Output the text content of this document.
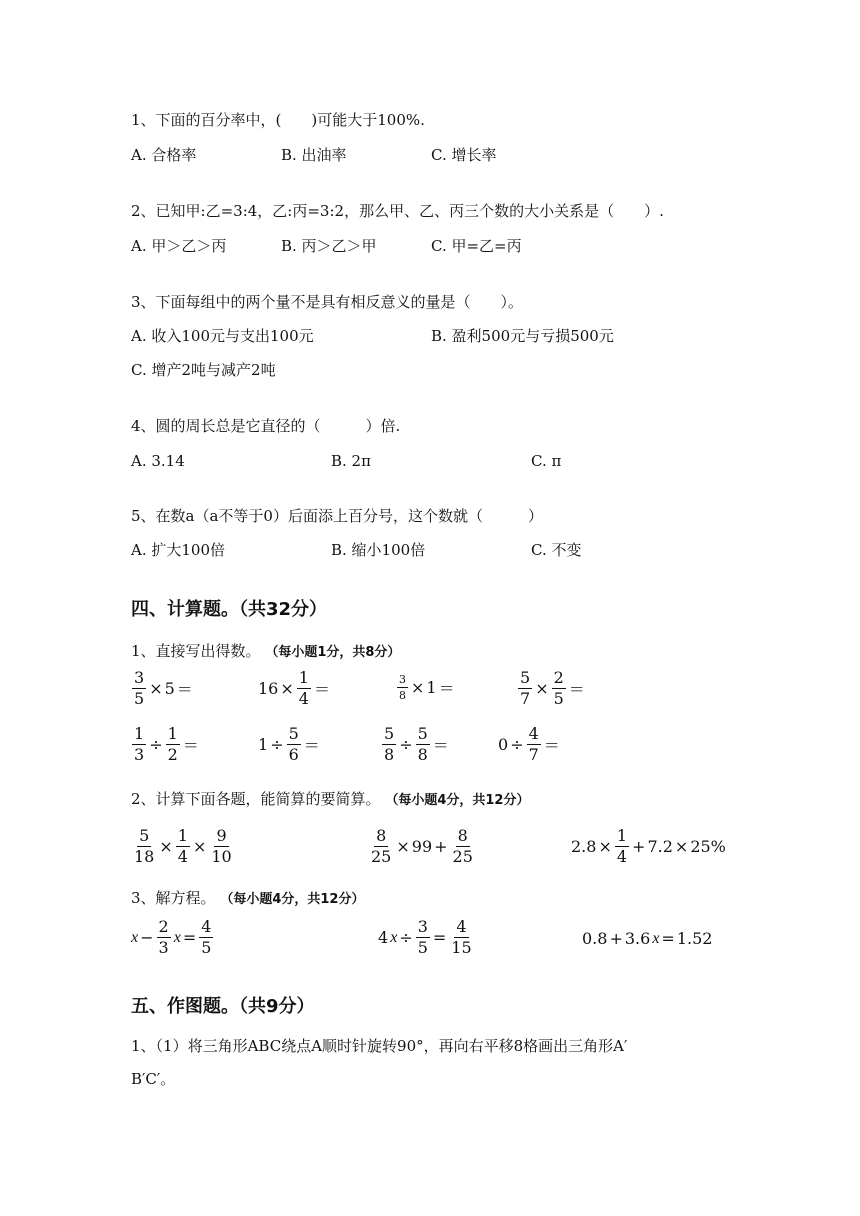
1、下面的百分率中，(　　)可能大于100%.
A. 合格率	B. 出油率	C. 增长率
2、已知甲:乙=3:4，乙:丙=3:2，那么甲、乙、丙三个数的大小关系是（　　）.
A. 甲＞乙＞丙	B. 丙＞乙＞甲	C. 甲=乙=丙
3、下面每组中的两个量不是具有相反意义的量是（　　）。
A. 收入100元与支出100元	B. 盈利500元与亏损500元
C. 增产2吨与减产2吨
4、圆的周长总是它直径的（　　　）倍.
A. 3.14	B. 2π	C. π
5、在数a（a不等于0）后面添上百分号，这个数就（　　　）
A. 扩大100倍	B. 缩小100倍	C. 不变
四、计算题。（共32分）
1、直接写出得数。 （每小题1分，共8分）
$\frac{3}{5} \times 5$ ＝	$16 \times \frac{1}{4}$ ＝	$\frac{3}{8} \times 1$ ＝	$\frac{5}{7} \times \frac{2}{5}$ ＝
$\frac{1}{3} \div \frac{1}{2}$ ＝	$1 \div \frac{5}{6}$ ＝	$\frac{5}{8} \div \frac{5}{8}$ ＝	$0 \div \frac{4}{7}$ ＝
2、计算下面各题，能简算的要简算。 （每小题4分，共12分）
$\frac{5}{18} \times \frac{1}{4} \times \frac{9}{10}$	$\frac{8}{25} \times 99 + \frac{8}{25}$	$2.8 \times \frac{1}{4} + 7.2 \times 25\%$
3、解方程。 （每小题4分，共12分）
$x - \frac{2}{3}$ $x = \frac{4}{5}$	4 $x \div \frac{3}{5} = \frac{4}{15}$	0.8 + 3.6 x = 1.52
五、作图题。（共9分）
1、（1）将三角形ABC绕点A顺时针旋转90°，再向右平移8格画出三角形A′
B′C′。
